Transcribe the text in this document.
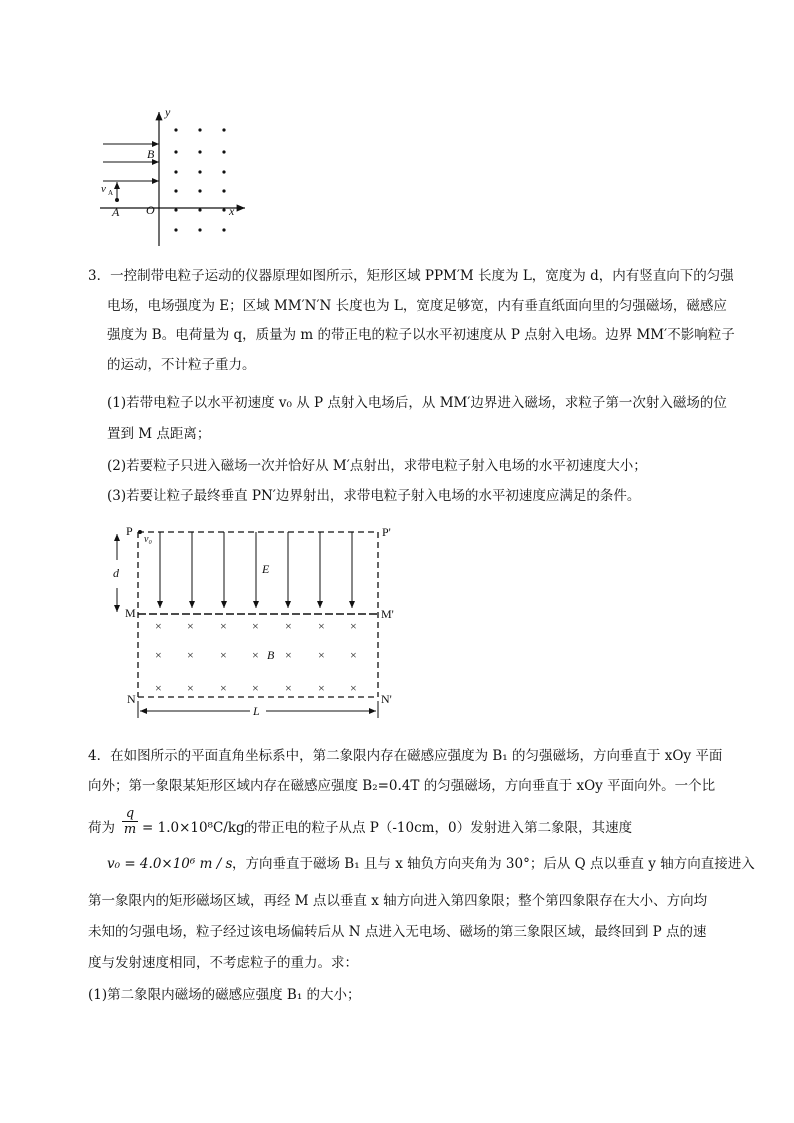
y
x
O
B
v A
A
3．一控制带电粒子运动的仪器原理如图所示，矩形区域 PPM′M 长度为 L，宽度为 d，内有竖直向下的匀强
电场，电场强度为 E；区域 MM′N′N 长度也为 L，宽度足够宽，内有垂直纸面向里的匀强磁场，磁感应
强度为 B。电荷量为 q，质量为 m 的带正电的粒子以水平初速度从 P 点射入电场。边界 MM′不影响粒子
的运动，不计粒子重力。
(1)若带电粒子以水平初速度 v₀ 从 P 点射入电场后，从 MM′边界进入磁场，求粒子第一次射入磁场的位
置到 M 点距离；
(2)若要粒子只进入磁场一次并恰好从 M′点射出，求带电粒子射入电场的水平初速度大小；
(3)若要让粒子最终垂直 PN′边界射出，求带电粒子射入电场的水平初速度应满足的条件。
P
v₀
P'
M	M'
N	N'
d	E
× × × × × × ×
× × × × × × ×
× × × × × × ×
B
L
4．在如图所示的平面直角坐标系中，第二象限内存在磁感应强度为 B₁ 的匀强磁场，方向垂直于 xOy 平面
向外；第一象限某矩形区域内存在磁感应强度 B₂=0.4T 的匀强磁场，方向垂直于 xOy 平面向外。一个比
荷为
q
m = 1.0×10⁸C/kg 的带正电的粒子从点 P（-10cm，0）发射进入第二象限，其速度
v₀ = 4.0×10⁶ m / s ，方向垂直于磁场 B₁ 且与 x 轴负方向夹角为 30°；后从 Q 点以垂直 y 轴方向直接进入
第一象限内的矩形磁场区域，再经 M 点以垂直 x 轴方向进入第四象限；整个第四象限存在大小、方向均
未知的匀强电场，粒子经过该电场偏转后从 N 点进入无电场、磁场的第三象限区域，最终回到 P 点的速
度与发射速度相同，不考虑粒子的重力。求：
(1)第二象限内磁场的磁感应强度 B₁ 的大小；
